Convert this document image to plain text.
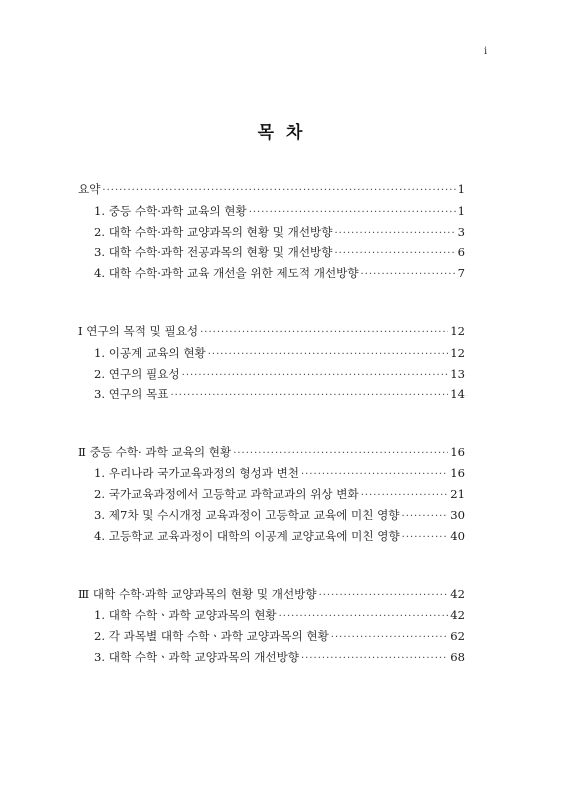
i
목 차
요약 ·····	1
1. 중등 수학·과학 교육의 현황 ·····	1
2. 대학 수학·과학 교양과목의 현황 및 개선방향 ·····	3
3. 대학 수학·과학 전공과목의 현황 및 개선방향 ·····	6
4. 대학 수학·과학 교육 개선을 위한 제도적 개선방향 ·····	7
Ⅰ 연구의 목적 및 필요성 ·····	12
1. 이공계 교육의 현황 ·····	12
2. 연구의 필요성 ·····	13
3. 연구의 목표 ·····	14
Ⅱ 중등 수학· 과학 교육의 현황 ·····	16
1. 우리나라 국가교육과정의 형성과 변천 ·····	16
2. 국가교육과정에서 고등학교 과학교과의 위상 변화 ·····	21
3. 제7차 및 수시개정 교육과정이 고등학교 교육에 미친 영향 ·····	30
4. 고등학교 교육과정이 대학의 이공계 교양교육에 미친 영향 ·····	40
Ⅲ 대학 수학·과학 교양과목의 현황 및 개선방향 ·····	42
1. 대학 수학ㆍ과학 교양과목의 현황 ·····	42
2. 각 과목별 대학 수학ㆍ과학 교양과목의 현황 ·····	62
3. 대학 수학ㆍ과학 교양과목의 개선방향 ·····	68
